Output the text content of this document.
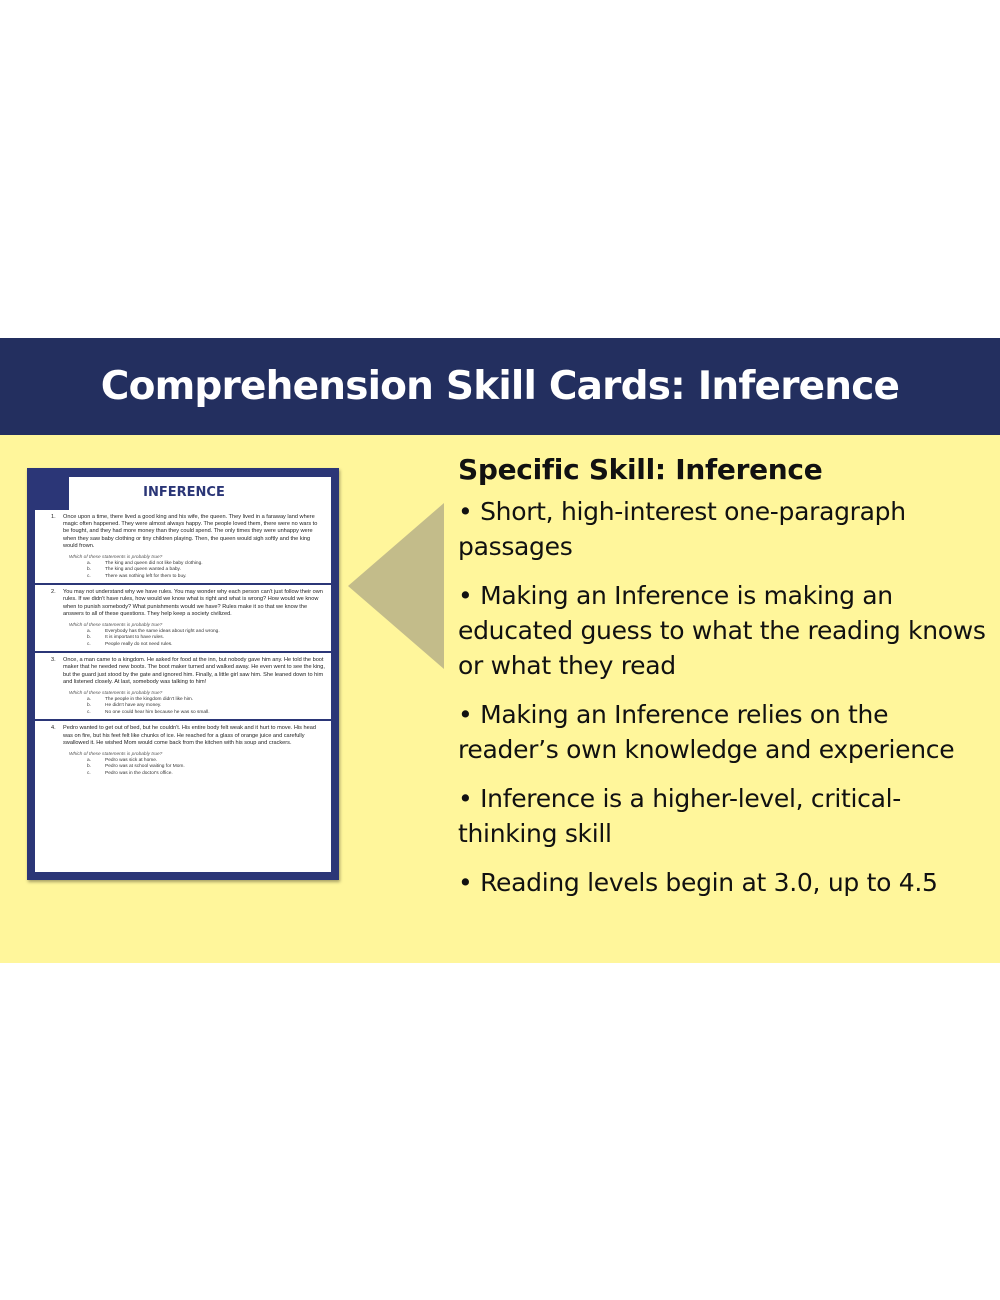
Comprehension Skill Cards: Inference
INFERENCE	1a

1. Once upon a time, there lived a good king and his wife, the queen. They lived in a faraway land where magic often happened. They were almost always happy. The people loved them, there were no wars to be fought, and they had more money than they could spend. The only times they were unhappy were when they saw baby clothing or tiny children playing. Then, the queen would sigh softly and the king would frown.

Which of these statements is probably true?
a.	The king and queen did not like baby clothing.
b.	The king and queen wanted a baby.
c.	There was nothing left for them to buy.

2. You may not understand why we have rules. You may wonder why each person can't just follow their own rules. If we didn't have rules, how would we know what is right and what is wrong? How would we know when to punish somebody? What punishments would we have? Rules make it so that we know the answers to all of these questions. They help keep a society civilized.

Which of these statements is probably true?
a.	Everybody has the same ideas about right and wrong.
b.	It is important to have rules.
c.	People really do not need rules.

3. Once, a man came to a kingdom. He asked for food at the inn, but nobody gave him any. He told the boot maker that he needed new boots. The boot maker turned and walked away. He even went to see the king, but the guard just stood by the gate and ignored him. Finally, a little girl saw him. She leaned down to him and listened closely. At last, somebody was talking to him!

Which of these statements is probably true?
a.	The people in the kingdom didn't like him.
b.	He didn't have any money.
c.	No one could hear him because he was so small.

4. Pedro wanted to get out of bed, but he couldn't. His entire body felt weak and it hurt to move. His head was on fire, but his feet felt like chunks of ice. He reached for a glass of orange juice and carefully swallowed it. He wished Mom would come back from the kitchen with his soup and crackers.

Which of these statements is probably true?
a.	Pedro was sick at home.
b.	Pedro was at school waiting for Mom.
c.	Pedro was in the doctor's office.
Specific Skill: Inference
• Short, high-interest one-paragraph passages
• Making an Inference is making an educated guess to what the reading knows or what they read
• Making an Inference relies on the reader’s own knowledge and experience
• Inference is a higher-level, critical-thinking skill
• Reading levels begin at 3.0, up to 4.5
